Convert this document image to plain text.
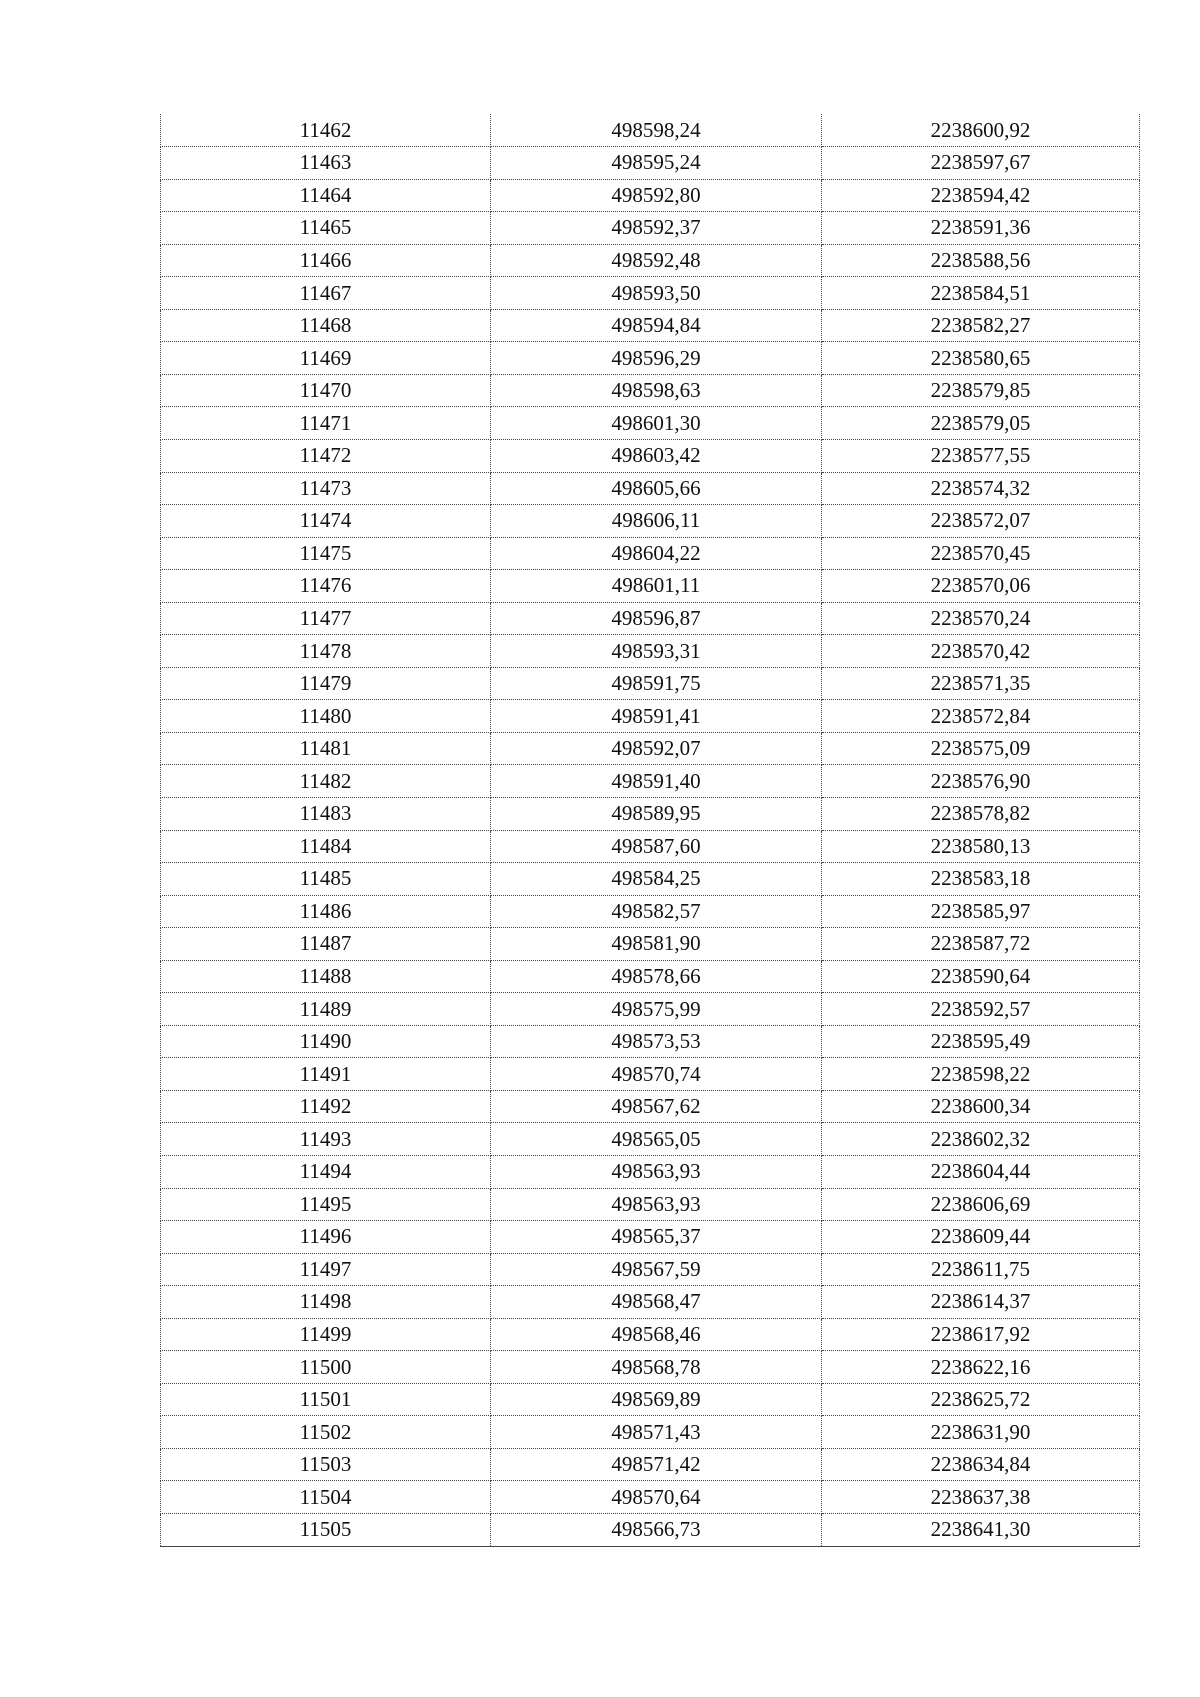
11462	498598,24	2238600,92
11463	498595,24	2238597,67
11464	498592,80	2238594,42
11465	498592,37	2238591,36
11466	498592,48	2238588,56
11467	498593,50	2238584,51
11468	498594,84	2238582,27
11469	498596,29	2238580,65
11470	498598,63	2238579,85
11471	498601,30	2238579,05
11472	498603,42	2238577,55
11473	498605,66	2238574,32
11474	498606,11	2238572,07
11475	498604,22	2238570,45
11476	498601,11	2238570,06
11477	498596,87	2238570,24
11478	498593,31	2238570,42
11479	498591,75	2238571,35
11480	498591,41	2238572,84
11481	498592,07	2238575,09
11482	498591,40	2238576,90
11483	498589,95	2238578,82
11484	498587,60	2238580,13
11485	498584,25	2238583,18
11486	498582,57	2238585,97
11487	498581,90	2238587,72
11488	498578,66	2238590,64
11489	498575,99	2238592,57
11490	498573,53	2238595,49
11491	498570,74	2238598,22
11492	498567,62	2238600,34
11493	498565,05	2238602,32
11494	498563,93	2238604,44
11495	498563,93	2238606,69
11496	498565,37	2238609,44
11497	498567,59	2238611,75
11498	498568,47	2238614,37
11499	498568,46	2238617,92
11500	498568,78	2238622,16
11501	498569,89	2238625,72
11502	498571,43	2238631,90
11503	498571,42	2238634,84
11504	498570,64	2238637,38
11505	498566,73	2238641,30
